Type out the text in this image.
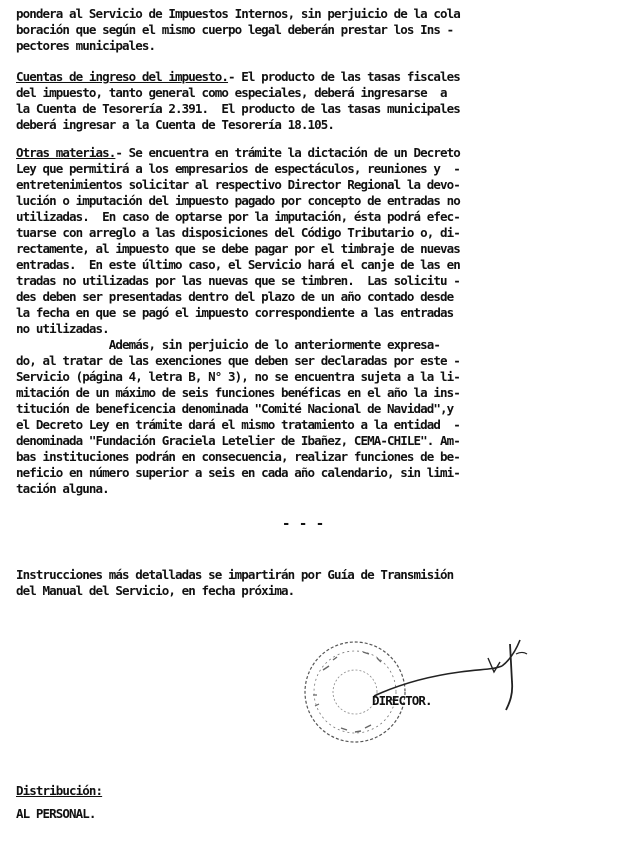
pondera al Servicio de Impuestos Internos, sin perjuicio de la cola
boración que según el mismo cuerpo legal deberán prestar los Ins -
pectores municipales.
Cuentas de ingreso del impuesto.- El producto de las tasas fiscales
del impuesto, tanto general como especiales, deberá ingresarse  a
la Cuenta de Tesorería 2.391.  El producto de las tasas municipales
deberá ingresar a la Cuenta de Tesorería 18.105.
Otras materias.- Se encuentra en trámite la dictación de un Decreto
Ley que permitirá a los empresarios de espectáculos, reuniones y  -
entretenimientos solicitar al respectivo Director Regional la devo-
lución o imputación del impuesto pagado por concepto de entradas no
utilizadas.  En caso de optarse por la imputación, ésta podrá efec-
tuarse con arreglo a las disposiciones del Código Tributario o, di-
rectamente, al impuesto que se debe pagar por el timbraje de nuevas
entradas.  En este último caso, el Servicio hará el canje de las en
tradas no utilizadas por las nuevas que se timbren.  Las solicitu -
des deben ser presentadas dentro del plazo de un año contado desde
la fecha en que se pagó el impuesto correspondiente a las entradas
no utilizadas.
Además, sin perjuicio de lo anteriormente expresa-
do, al tratar de las exenciones que deben ser declaradas por este -
Servicio (página 4, letra B, N° 3), no se encuentra sujeta a la li-
mitación de un máximo de seis funciones benéficas en el año la ins-
titución de beneficencia denominada "Comité Nacional de Navidad",y
el Decreto Ley en trámite dará el mismo tratamiento a la entidad  -
denominada "Fundación Graciela Letelier de Ibañez, CEMA-CHILE". Am-
bas instituciones podrán en consecuencia, realizar funciones de be-
neficio en número superior a seis en cada año calendario, sin limi-
tación alguna.
- - -
Instrucciones más detalladas se impartirán por Guía de Transmisión
del Manual del Servicio, en fecha próxima.
DIRECTOR.
Distribución:
AL PERSONAL.
